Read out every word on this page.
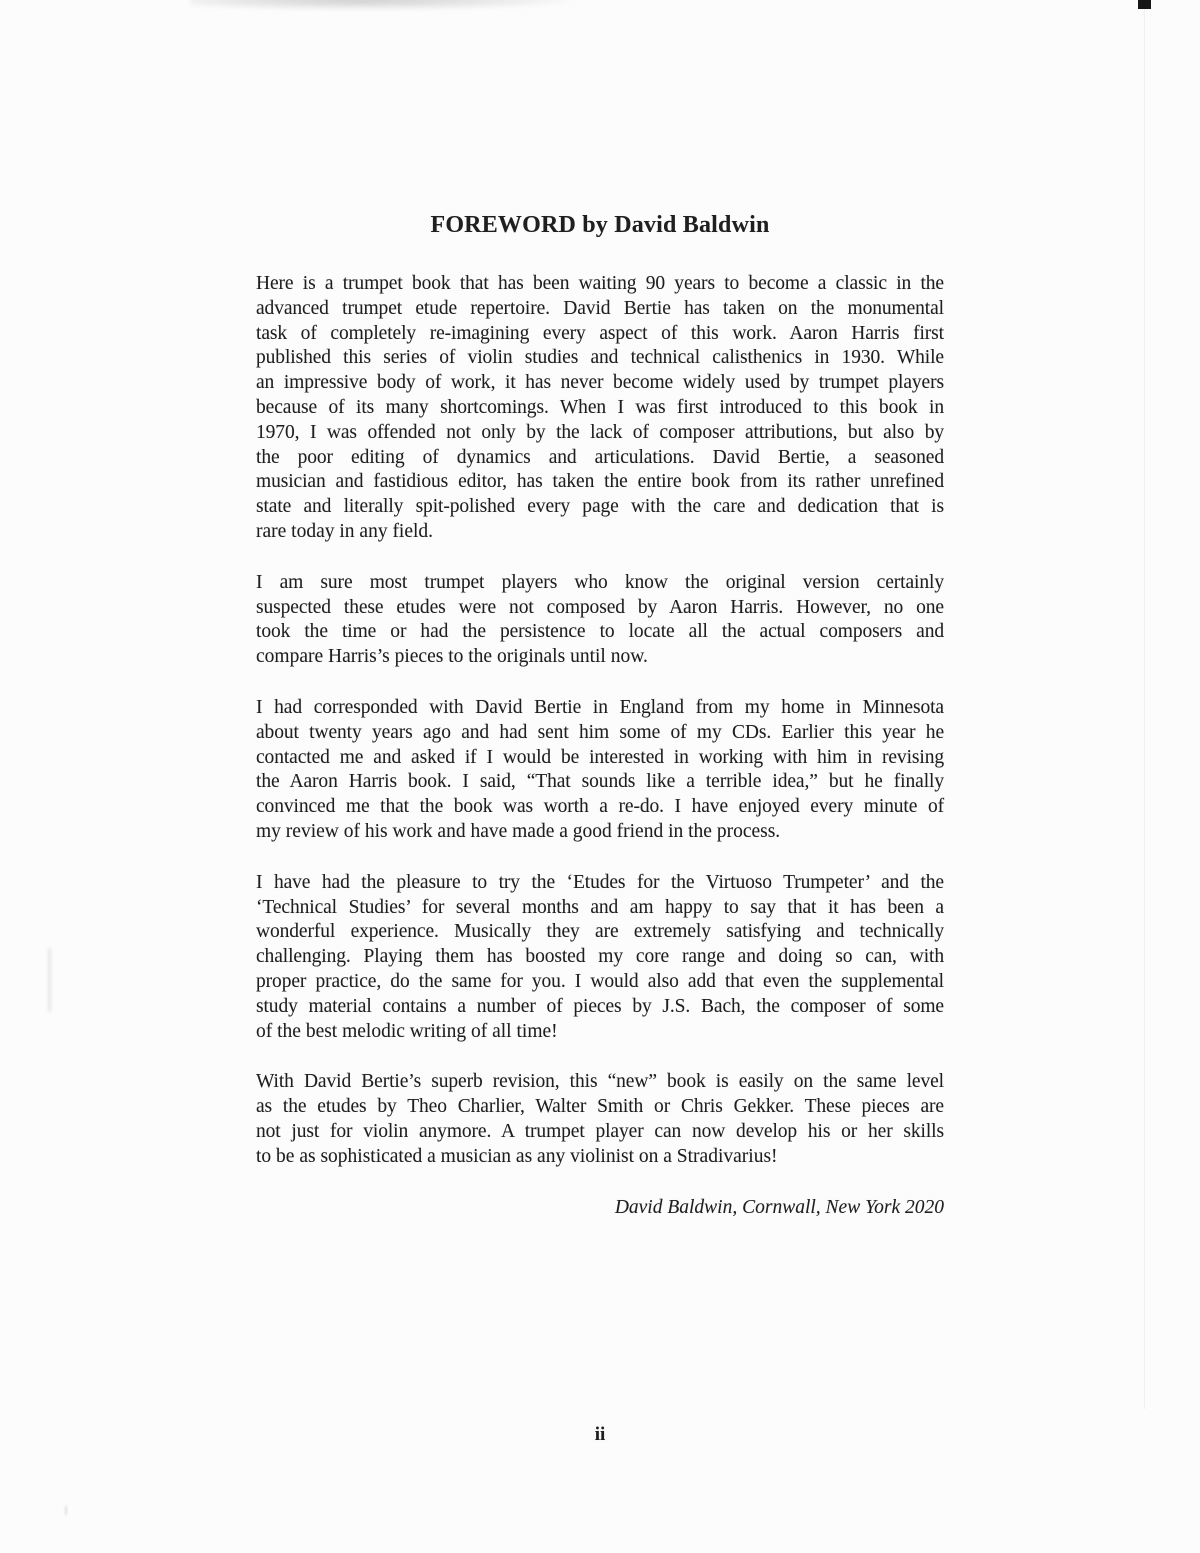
FOREWORD by David Baldwin
Here is a trumpet book that has been waiting 90 years to become a classic in the
advanced trumpet etude repertoire. David Bertie has taken on the monumental
task of completely re-imagining every aspect of this work. Aaron Harris first
published this series of violin studies and technical calisthenics in 1930. While
an impressive body of work, it has never become widely used by trumpet players
because of its many shortcomings. When I was first introduced to this book in
1970, I was offended not only by the lack of composer attributions, but also by
the poor editing of dynamics and articulations. David Bertie, a seasoned
musician and fastidious editor, has taken the entire book from its rather unrefined
state and literally spit-polished every page with the care and dedication that is
rare today in any field.
I am sure most trumpet players who know the original version certainly
suspected these etudes were not composed by Aaron Harris. However, no one
took the time or had the persistence to locate all the actual composers and
compare Harris’s pieces to the originals until now.
I had corresponded with David Bertie in England from my home in Minnesota
about twenty years ago and had sent him some of my CDs. Earlier this year he
contacted me and asked if I would be interested in working with him in revising
the Aaron Harris book. I said, “That sounds like a terrible idea,” but he finally
convinced me that the book was worth a re-do. I have enjoyed every minute of
my review of his work and have made a good friend in the process.
I have had the pleasure to try the ‘Etudes for the Virtuoso Trumpeter’ and the
‘Technical Studies’ for several months and am happy to say that it has been a
wonderful experience. Musically they are extremely satisfying and technically
challenging. Playing them has boosted my core range and doing so can, with
proper practice, do the same for you. I would also add that even the supplemental
study material contains a number of pieces by J.S. Bach, the composer of some
of the best melodic writing of all time!
With David Bertie’s superb revision, this “new” book is easily on the same level
as the etudes by Theo Charlier, Walter Smith or Chris Gekker. These pieces are
not just for violin anymore. A trumpet player can now develop his or her skills
to be as sophisticated a musician as any violinist on a Stradivarius!
David Baldwin, Cornwall, New York 2020
ii
